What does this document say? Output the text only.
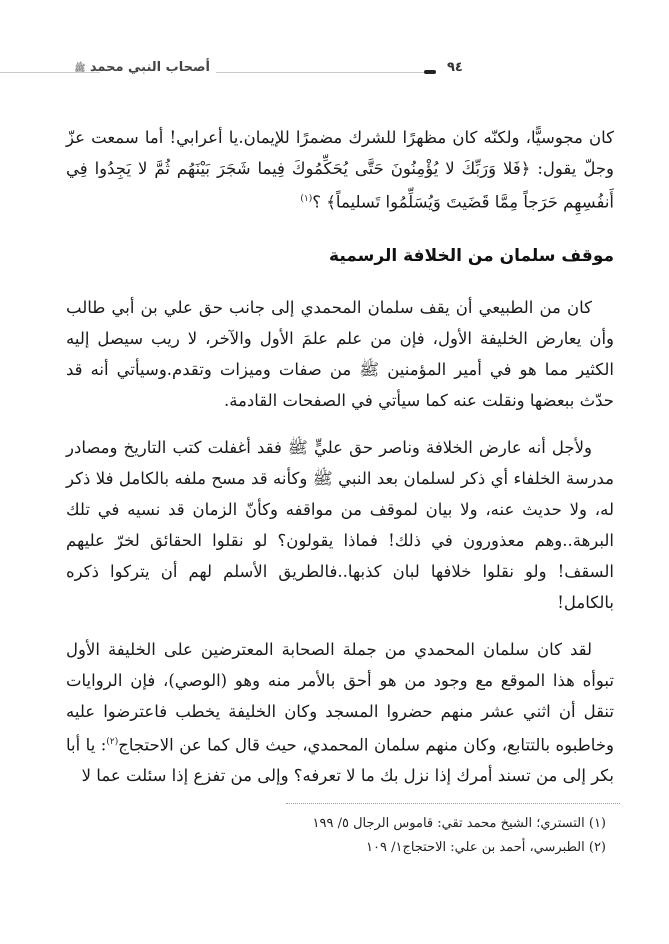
أصحاب النبي محمد ﷺ	٩٤

كان مجوسيًّا، ولكنّه كان مظهرًا للشرك مضمرًا للإيمان.يا أعرابي! أما سمعت عزّ وجلّ يقول: ﴿فَلا وَرَبِّكَ لا يُؤْمِنُونَ حَتَّى يُحَكِّمُوكَ فِيما شَجَرَ بَيْنَهُم ثُمَّ لا يَجِدُوا فِي أَنفُسِهِم حَرَجاً مِمَّا قَضَيتَ وَيُسَلِّمُوا تَسليماً﴾ ؟$^{(١)}$

موقف سلمان من الخلافة الرسمية

كان من الطبيعي أن يقف سلمان المحمدي إلى جانب حق علي بن أبي طالب وأن يعارض الخليفة الأول، فإن من علم علمَ الأول والآخر، لا ريب سيصل إليه الكثير مما هو في أمير المؤمنين ﷺ من صفات وميزات وتقدم.وسيأتي أنه قد حدّث ببعضها ونقلت عنه كما سيأتي في الصفحات القادمة.

ولأجل أنه عارض الخلافة وناصر حق عليٍّ ﷺ فقد أغفلت كتب التاريخ ومصادر مدرسة الخلفاء أي ذكر لسلمان بعد النبي ﷺ وكأنه قد مسح ملفه بالكامل فلا ذكر له، ولا حديث عنه، ولا بيان لموقف من مواقفه وكأنّ الزمان قد نسيه في تلك البرهة..وهم معذورون في ذلك! فماذا يقولون؟ لو نقلوا الحقائق لخرّ عليهم السقف! ولو نقلوا خلافها لبان كذبها..فالطريق الأسلم لهم أن يتركوا ذكره بالكامل!

لقد كان سلمان المحمدي من جملة الصحابة المعترضين على الخليفة الأول تبوأه هذا الموقع مع وجود من هو أحق بالأمر منه وهو (الوصي)، فإن الروايات تنقل أن اثني عشر منهم حضروا المسجد وكان الخليفة يخطب فاعترضوا عليه وخاطبوه بالتتابع، وكان منهم سلمان المحمدي، حيث قال كما عن الاحتجاج$^{(٢)}$: يا أبا بكر إلى من تسند أمرك إذا نزل بك ما لا تعرفه؟ وإلى من تفزع إذا سئلت عما لا

(١) التستري؛ الشيخ محمد تقي: قاموس الرجال ٥/ ١٩٩
(٢) الطبرسي، أحمد بن علي: الاحتجاج١/ ١٠٩
